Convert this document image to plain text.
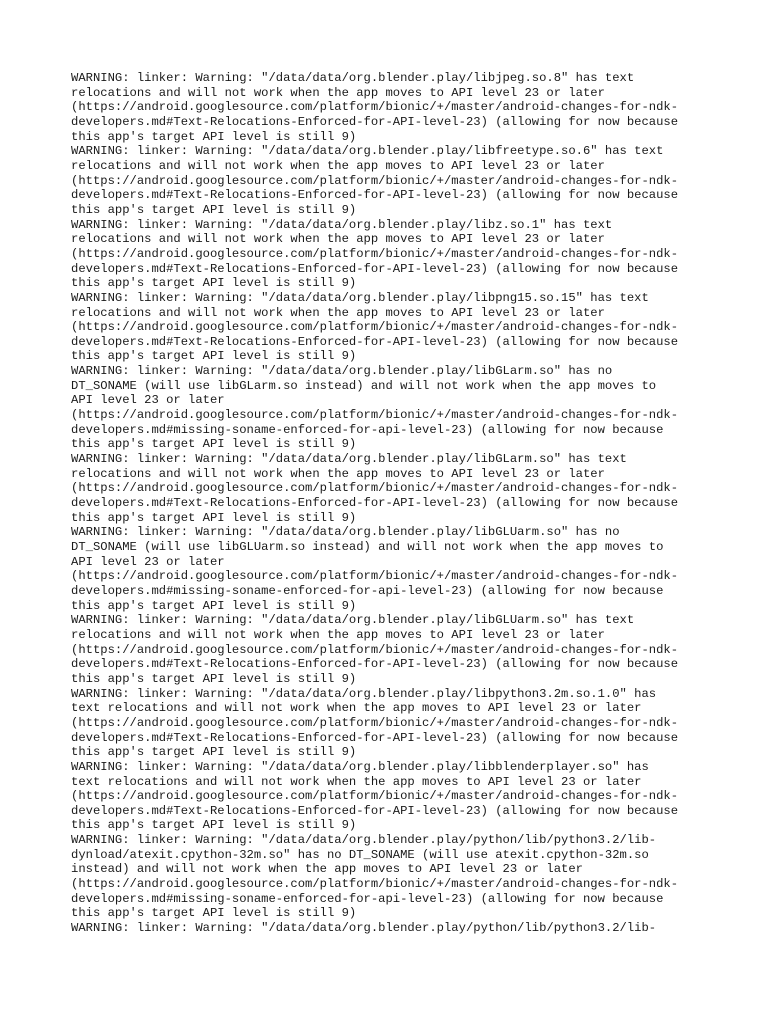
WARNING: linker: Warning: "/data/data/org.blender.play/libjpeg.so.8" has text
relocations and will not work when the app moves to API level 23 or later
(https://android.googlesource.com/platform/bionic/+/master/android-changes-for-ndk-
developers.md#Text-Relocations-Enforced-for-API-level-23) (allowing for now because
this app's target API level is still 9)
WARNING: linker: Warning: "/data/data/org.blender.play/libfreetype.so.6" has text
relocations and will not work when the app moves to API level 23 or later
(https://android.googlesource.com/platform/bionic/+/master/android-changes-for-ndk-
developers.md#Text-Relocations-Enforced-for-API-level-23) (allowing for now because
this app's target API level is still 9)
WARNING: linker: Warning: "/data/data/org.blender.play/libz.so.1" has text
relocations and will not work when the app moves to API level 23 or later
(https://android.googlesource.com/platform/bionic/+/master/android-changes-for-ndk-
developers.md#Text-Relocations-Enforced-for-API-level-23) (allowing for now because
this app's target API level is still 9)
WARNING: linker: Warning: "/data/data/org.blender.play/libpng15.so.15" has text
relocations and will not work when the app moves to API level 23 or later
(https://android.googlesource.com/platform/bionic/+/master/android-changes-for-ndk-
developers.md#Text-Relocations-Enforced-for-API-level-23) (allowing for now because
this app's target API level is still 9)
WARNING: linker: Warning: "/data/data/org.blender.play/libGLarm.so" has no
DT_SONAME (will use libGLarm.so instead) and will not work when the app moves to
API level 23 or later
(https://android.googlesource.com/platform/bionic/+/master/android-changes-for-ndk-
developers.md#missing-soname-enforced-for-api-level-23) (allowing for now because
this app's target API level is still 9)
WARNING: linker: Warning: "/data/data/org.blender.play/libGLarm.so" has text
relocations and will not work when the app moves to API level 23 or later
(https://android.googlesource.com/platform/bionic/+/master/android-changes-for-ndk-
developers.md#Text-Relocations-Enforced-for-API-level-23) (allowing for now because
this app's target API level is still 9)
WARNING: linker: Warning: "/data/data/org.blender.play/libGLUarm.so" has no
DT_SONAME (will use libGLUarm.so instead) and will not work when the app moves to
API level 23 or later
(https://android.googlesource.com/platform/bionic/+/master/android-changes-for-ndk-
developers.md#missing-soname-enforced-for-api-level-23) (allowing for now because
this app's target API level is still 9)
WARNING: linker: Warning: "/data/data/org.blender.play/libGLUarm.so" has text
relocations and will not work when the app moves to API level 23 or later
(https://android.googlesource.com/platform/bionic/+/master/android-changes-for-ndk-
developers.md#Text-Relocations-Enforced-for-API-level-23) (allowing for now because
this app's target API level is still 9)
WARNING: linker: Warning: "/data/data/org.blender.play/libpython3.2m.so.1.0" has
text relocations and will not work when the app moves to API level 23 or later
(https://android.googlesource.com/platform/bionic/+/master/android-changes-for-ndk-
developers.md#Text-Relocations-Enforced-for-API-level-23) (allowing for now because
this app's target API level is still 9)
WARNING: linker: Warning: "/data/data/org.blender.play/libblenderplayer.so" has
text relocations and will not work when the app moves to API level 23 or later
(https://android.googlesource.com/platform/bionic/+/master/android-changes-for-ndk-
developers.md#Text-Relocations-Enforced-for-API-level-23) (allowing for now because
this app's target API level is still 9)
WARNING: linker: Warning: "/data/data/org.blender.play/python/lib/python3.2/lib-
dynload/atexit.cpython-32m.so" has no DT_SONAME (will use atexit.cpython-32m.so
instead) and will not work when the app moves to API level 23 or later
(https://android.googlesource.com/platform/bionic/+/master/android-changes-for-ndk-
developers.md#missing-soname-enforced-for-api-level-23) (allowing for now because
this app's target API level is still 9)
WARNING: linker: Warning: "/data/data/org.blender.play/python/lib/python3.2/lib-
